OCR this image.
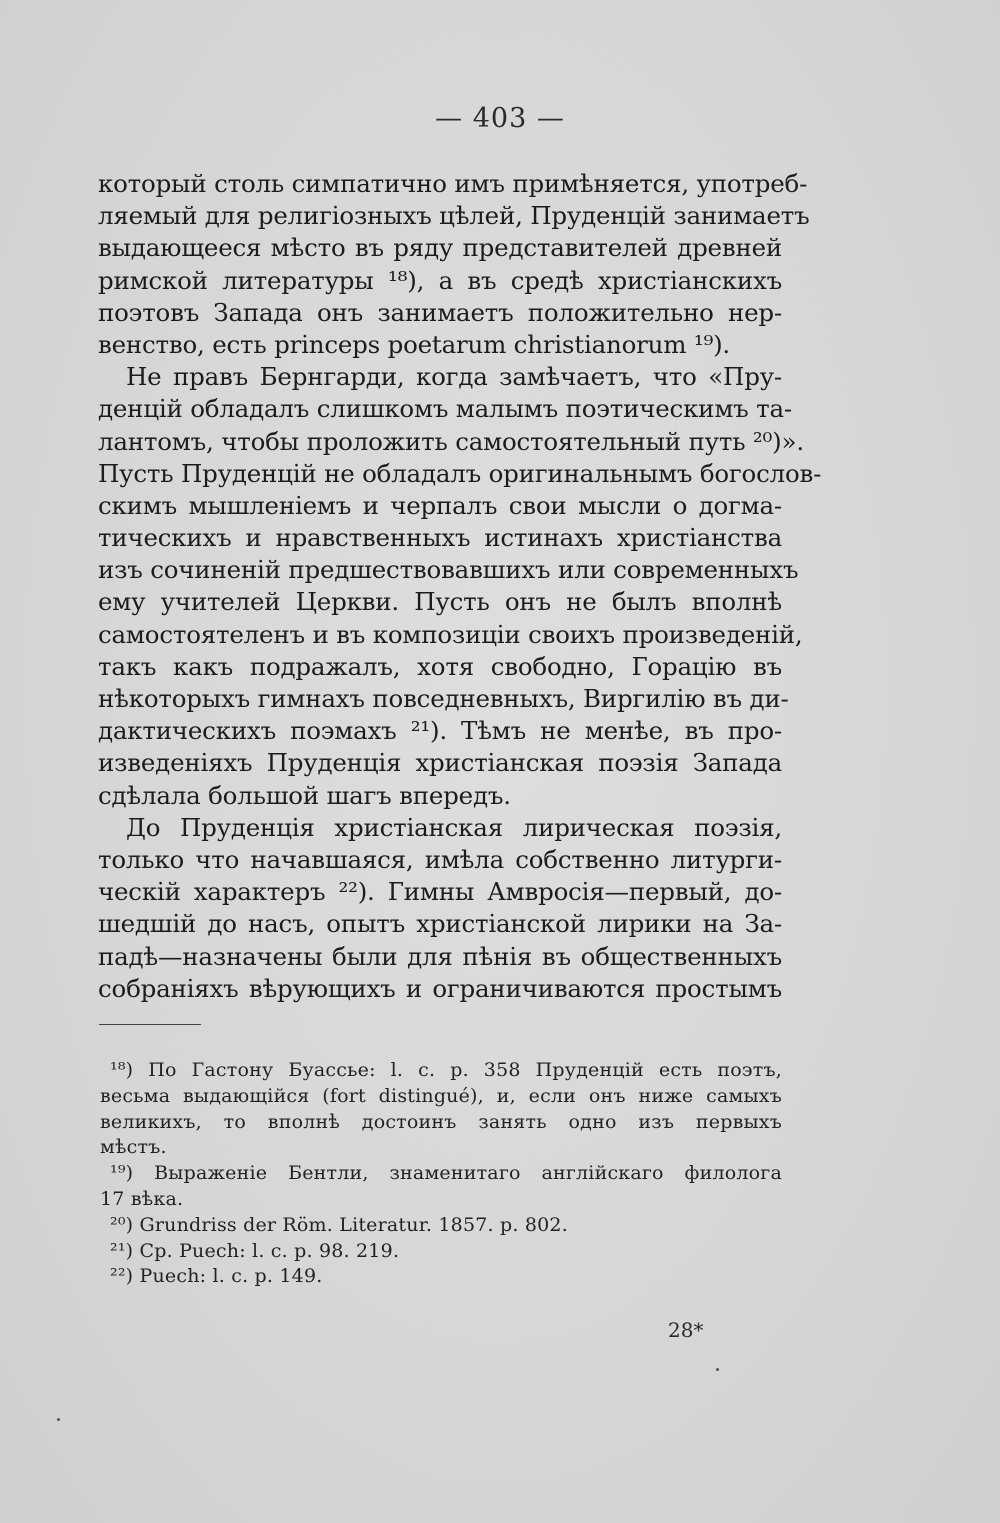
— 403 —
который столь симпатично имъ примѣняется, употреб-
ляемый для религіозныхъ цѣлей, Пруденцій занимаетъ
выдающееся мѣсто въ ряду представителей древней
римской литературы ¹⁸), а въ средѣ христіанскихъ
поэтовъ Запада онъ занимаетъ положительно нер-
венство, есть princeps poetarum christianorum ¹⁹).
Не правъ Бернгарди, когда замѣчаетъ, что «Пру-
денцій обладалъ слишкомъ малымъ поэтическимъ та-
лантомъ, чтобы проложить самостоятельный путь ²⁰)».
Пусть Пруденцій не обладалъ оригинальнымъ богослов-
скимъ мышленіемъ и черпалъ свои мысли о догма-
тическихъ и нравственныхъ истинахъ христіанства
изъ сочиненій предшествовавшихъ или современныхъ
ему учителей Церкви. Пусть онъ не былъ вполнѣ
самостоятеленъ и въ композиціи своихъ произведеній,
такъ какъ подражалъ, хотя свободно, Горацію въ
нѣкоторыхъ гимнахъ повседневныхъ, Виргилію въ ди-
дактическихъ поэмахъ ²¹). Тѣмъ не менѣе, въ про-
изведеніяхъ Пруденція христіанская поэзія Запада
сдѣлала большой шагъ впередъ.
До Пруденція христіанская лирическая поэзія,
только что начавшаяся, имѣла собственно литурги-
ческій характеръ ²²). Гимны Амвросія—первый, до-
шедшій до насъ, опытъ христіанской лирики на За-
падѣ—назначены были для пѣнія въ общественныхъ
собраніяхъ вѣрующихъ и ограничиваются простымъ
¹⁸) По Гастону Буассье: l. c. p. 358 Пруденцій есть поэтъ,
весьма выдающійся (fort distingué), и, если онъ ниже самыхъ
великихъ, то вполнѣ достоинъ занять одно изъ первыхъ
мѣстъ.
¹⁹) Выраженіе Бентли, знаменитаго англійскаго филолога
17 вѣка.
²⁰) Grundriss der Röm. Literatur. 1857. p. 802.
²¹) Cp. Puech: l. c. p. 98. 219.
²²) Puech: l. c. p. 149.
28*
